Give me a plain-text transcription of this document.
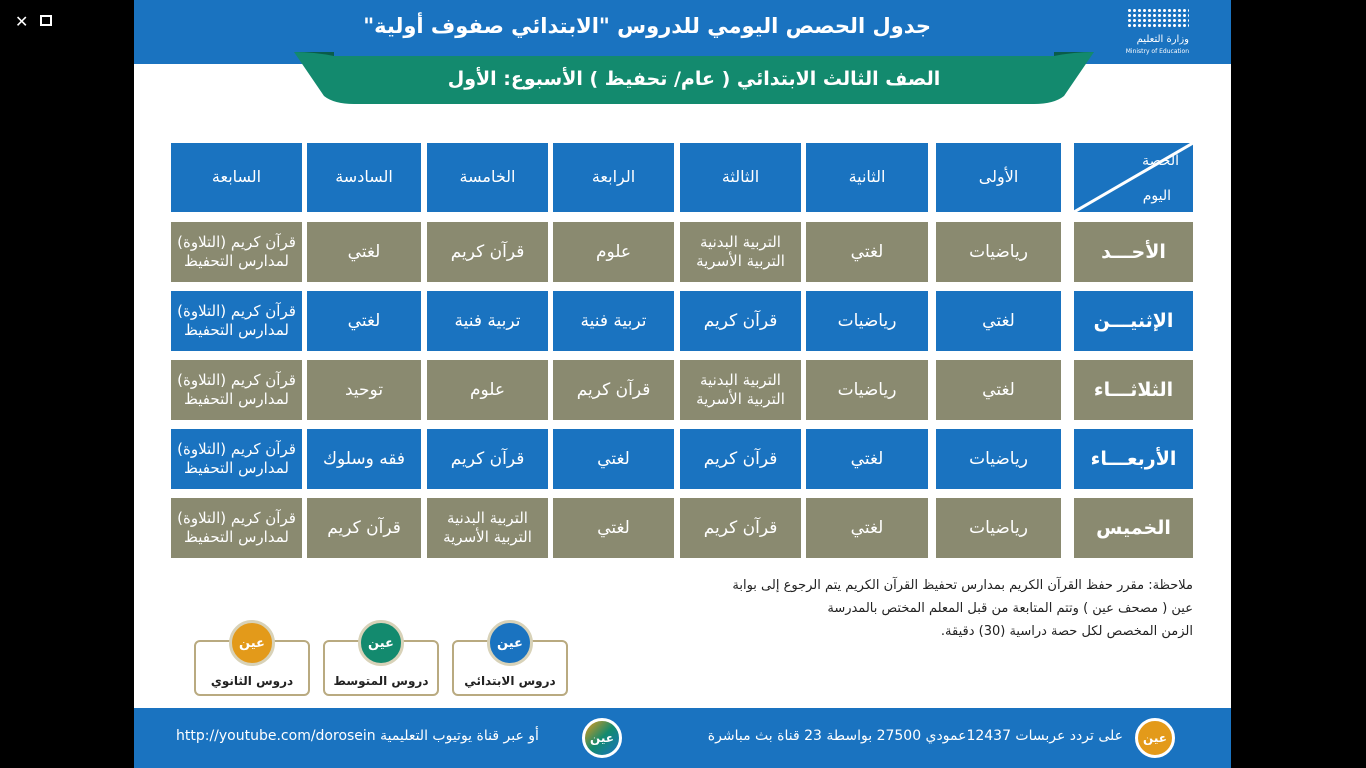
✕	جدول الحصص اليومي للدروس "الابتدائي صفوف أولية"
وزارة التعليم
Ministry of Education
الصف الثالث الابتدائي ( عام/ تحفيظ ) الأسبوع: الأول
الحصة
اليوم
الأولى
الثانية
الثالثة
الرابعة
الخامسة
السادسة
السابعة
الأحـــد
رياضيات
لغتي
التربية البدنية
التربية الأسرية
علوم
قرآن كريم
لغتي
قرآن كريم (التلاوة)
لمدارس التحفيظ
الإثنيـــن
لغتي
رياضيات
قرآن كريم
تربية فنية
تربية فنية
لغتي
قرآن كريم (التلاوة)
لمدارس التحفيظ
الثلاثـــاء
لغتي
رياضيات
التربية البدنية
التربية الأسرية
قرآن كريم
علوم
توحيد
قرآن كريم (التلاوة)
لمدارس التحفيظ
الأربعـــاء
رياضيات
لغتي
قرآن كريم
لغتي
قرآن كريم
فقه وسلوك
قرآن كريم (التلاوة)
لمدارس التحفيظ
الخميس
رياضيات
لغتي
قرآن كريم
لغتي
التربية البدنية
التربية الأسرية
قرآن كريم
قرآن كريم (التلاوة)
لمدارس التحفيظ
ملاحظة: مقرر حفظ القرآن الكريم بمدارس تحفيظ القرآن الكريم يتم الرجوع إلى بوابة
عين ( مصحف عين ) وتتم المتابعة من قبل المعلم المختص بالمدرسة
الزمن المخصص لكل حصة دراسية (30) دقيقة.
دروس الابتدائي
عين
دروس المتوسط
عين
دروس الثانوي
عين
عين
على تردد عربسات 12437عمودي 27500 بواسطة 23 قناة بث مباشرة
عين
http://youtube.com/dorosein أو عبر قناة يوتيوب التعليمية
